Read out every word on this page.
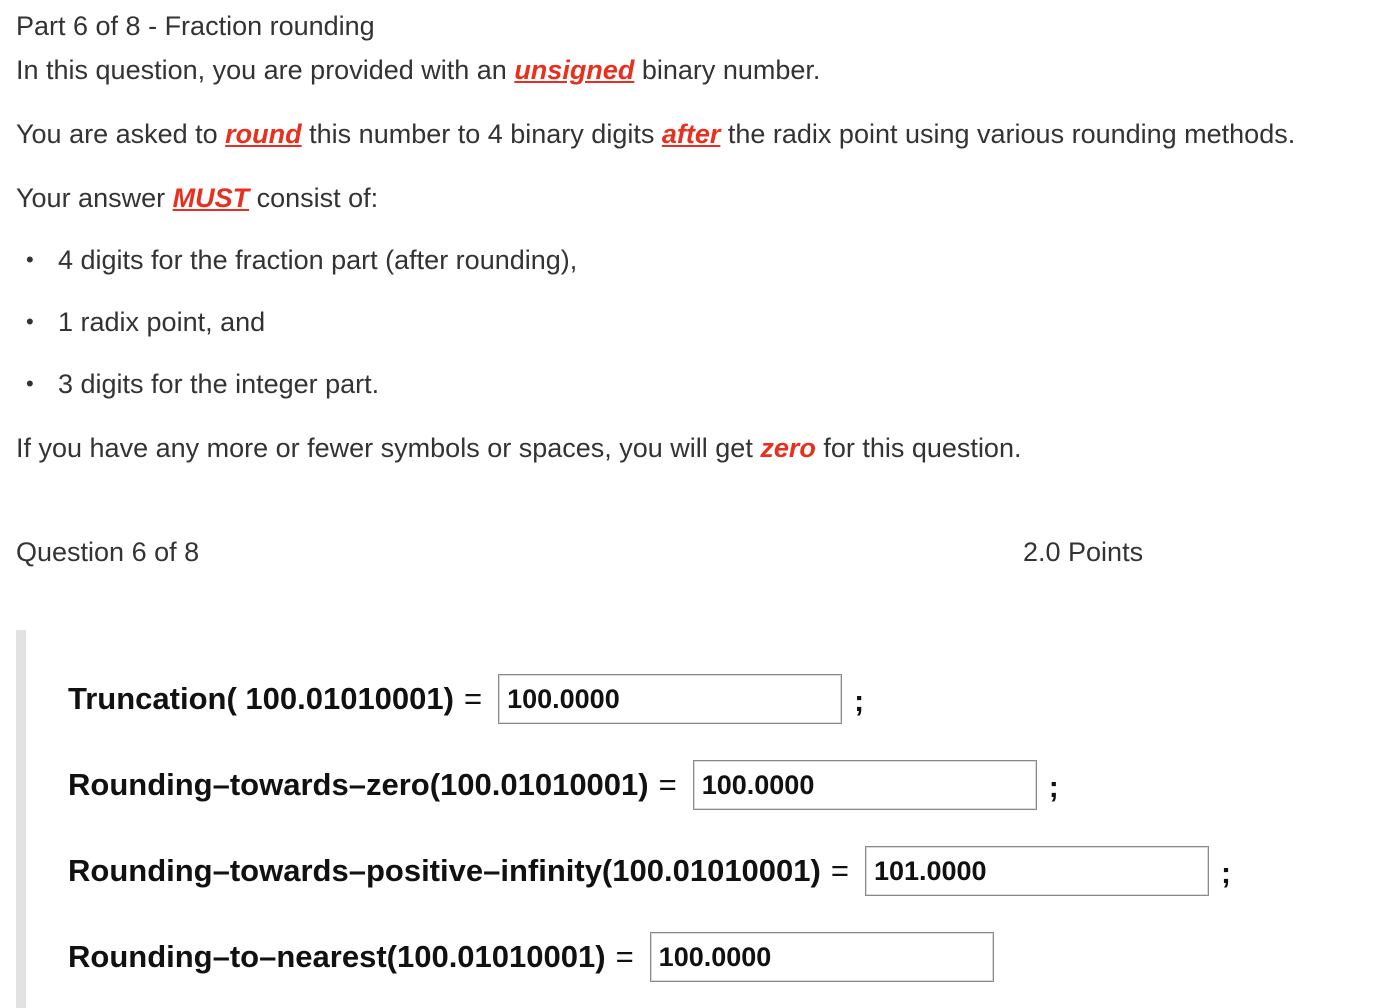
Part 6 of 8 - Fraction rounding
In this question, you are provided with an unsigned binary number.
You are asked to round this number to 4 binary digits after the radix point using various rounding methods.
Your answer MUST consist of:
• 4 digits for the fraction part (after rounding),
• 1 radix point, and
• 3 digits for the integer part.
If you have any more or fewer symbols or spaces, you will get zero for this question.
Question 6 of 8	2.0 Points
Truncation( 100.01010001) =
100.0000	;
Rounding–towards–zero(100.01010001) =
100.0000	;
Rounding–towards–positive–infinity(100.01010001) =
101.0000	;
Rounding–to–nearest(100.01010001) =
100.0000
